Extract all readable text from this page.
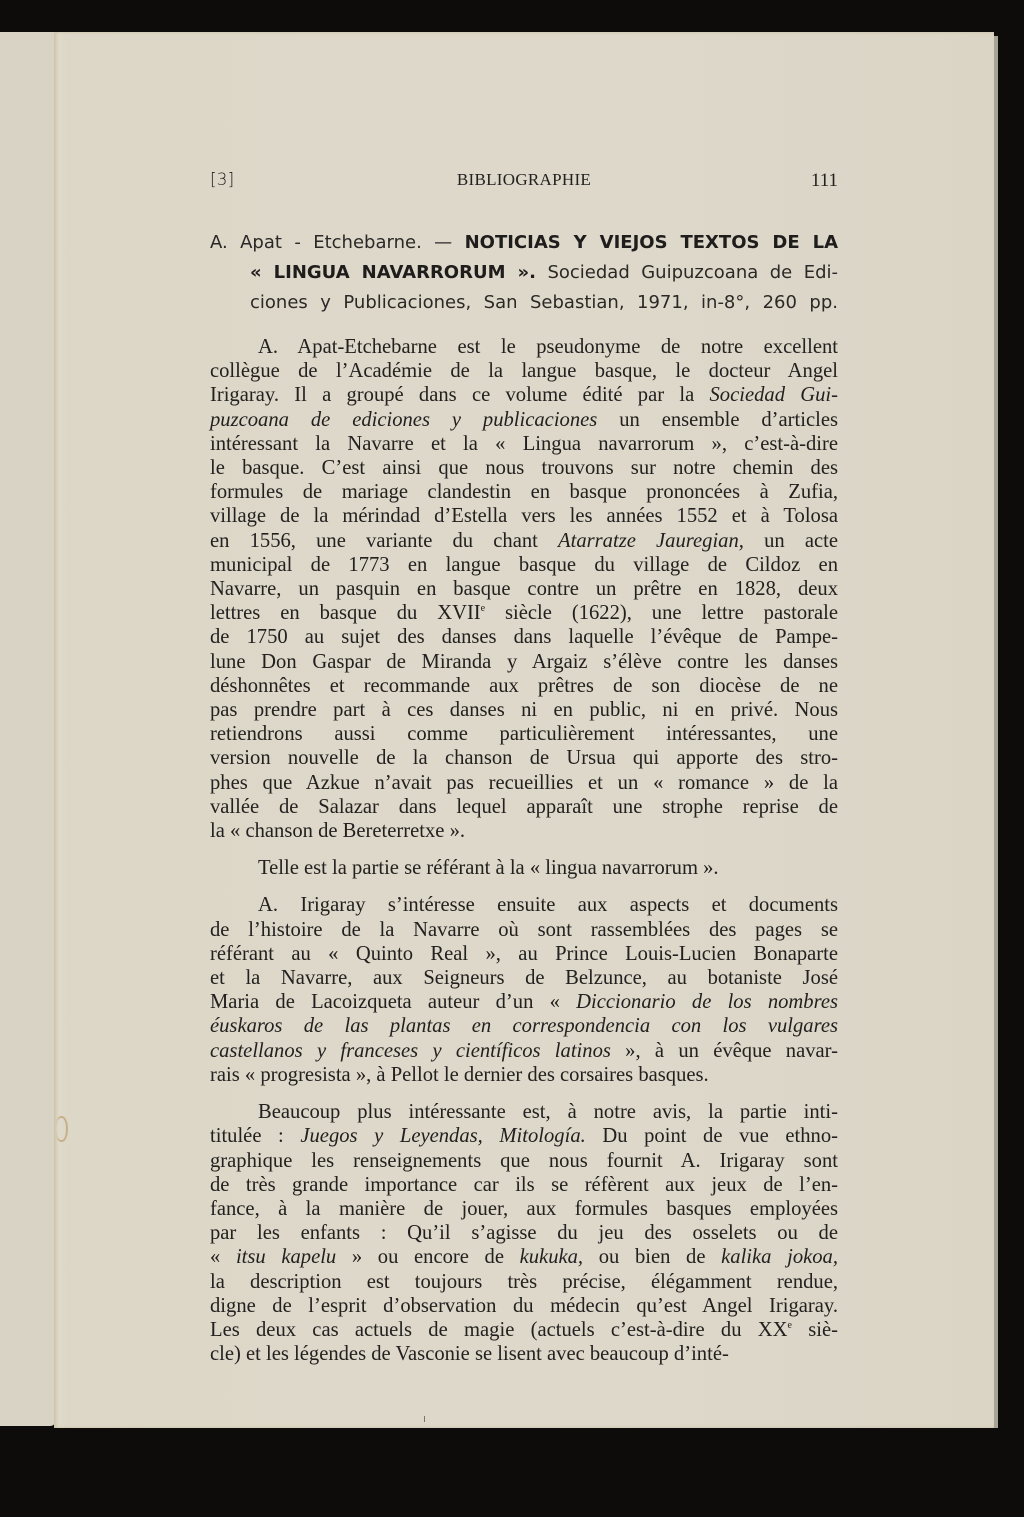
[3]	BIBLIOGRAPHIE	111
A. Apat - Etchebarne. — NOTICIAS Y VIEJOS TEXTOS DE LA
« LINGUA NAVARRORUM ». Sociedad Guipuzcoana de Edi-
ciones y Publicaciones, San Sebastian, 1971, in-8°, 260 pp.
A. Apat-Etchebarne est le pseudonyme de notre excellent
collègue de l’Académie de la langue basque, le docteur Angel
Irigaray. Il a groupé dans ce volume édité par la Sociedad Gui-
puzcoana de ediciones y publicaciones un ensemble d’articles
intéressant la Navarre et la « Lingua navarrorum », c’est-à-dire
le basque. C’est ainsi que nous trouvons sur notre chemin des
formules de mariage clandestin en basque prononcées à Zufia,
village de la mérindad d’Estella vers les années 1552 et à Tolosa
en 1556, une variante du chant Atarratze Jauregian, un acte
municipal de 1773 en langue basque du village de Cildoz en
Navarre, un pasquin en basque contre un prêtre en 1828, deux
lettres en basque du XVIIe siècle (1622), une lettre pastorale
de 1750 au sujet des danses dans laquelle l’évêque de Pampe-
lune Don Gaspar de Miranda y Argaiz s’élève contre les danses
déshonnêtes et recommande aux prêtres de son diocèse de ne
pas prendre part à ces danses ni en public, ni en privé. Nous
retiendrons aussi comme particulièrement intéressantes, une
version nouvelle de la chanson de Ursua qui apporte des stro-
phes que Azkue n’avait pas recueillies et un « romance » de la
vallée de Salazar dans lequel apparaît une strophe reprise de
la « chanson de Bereterretxe ».
Telle est la partie se référant à la « lingua navarrorum ».
A. Irigaray s’intéresse ensuite aux aspects et documents
de l’histoire de la Navarre où sont rassemblées des pages se
référant au « Quinto Real », au Prince Louis-Lucien Bonaparte
et la Navarre, aux Seigneurs de Belzunce, au botaniste José
Maria de Lacoizqueta auteur d’un « Diccionario de los nombres
éuskaros de las plantas en correspondencia con los vulgares
castellanos y franceses y científicos latinos », à un évêque navar-
rais « progresista », à Pellot le dernier des corsaires basques.
Beaucoup plus intéressante est, à notre avis, la partie inti-
titulée : Juegos y Leyendas, Mitología. Du point de vue ethno-
graphique les renseignements que nous fournit A. Irigaray sont
de très grande importance car ils se réfèrent aux jeux de l’en-
fance, à la manière de jouer, aux formules basques employées
par les enfants : Qu’il s’agisse du jeu des osselets ou de
« itsu kapelu » ou encore de kukuka, ou bien de kalika jokoa,
la description est toujours très précise, élégamment rendue,
digne de l’esprit d’observation du médecin qu’est Angel Irigaray.
Les deux cas actuels de magie (actuels c’est-à-dire du XXe siè-
cle) et les légendes de Vasconie se lisent avec beaucoup d’inté-
